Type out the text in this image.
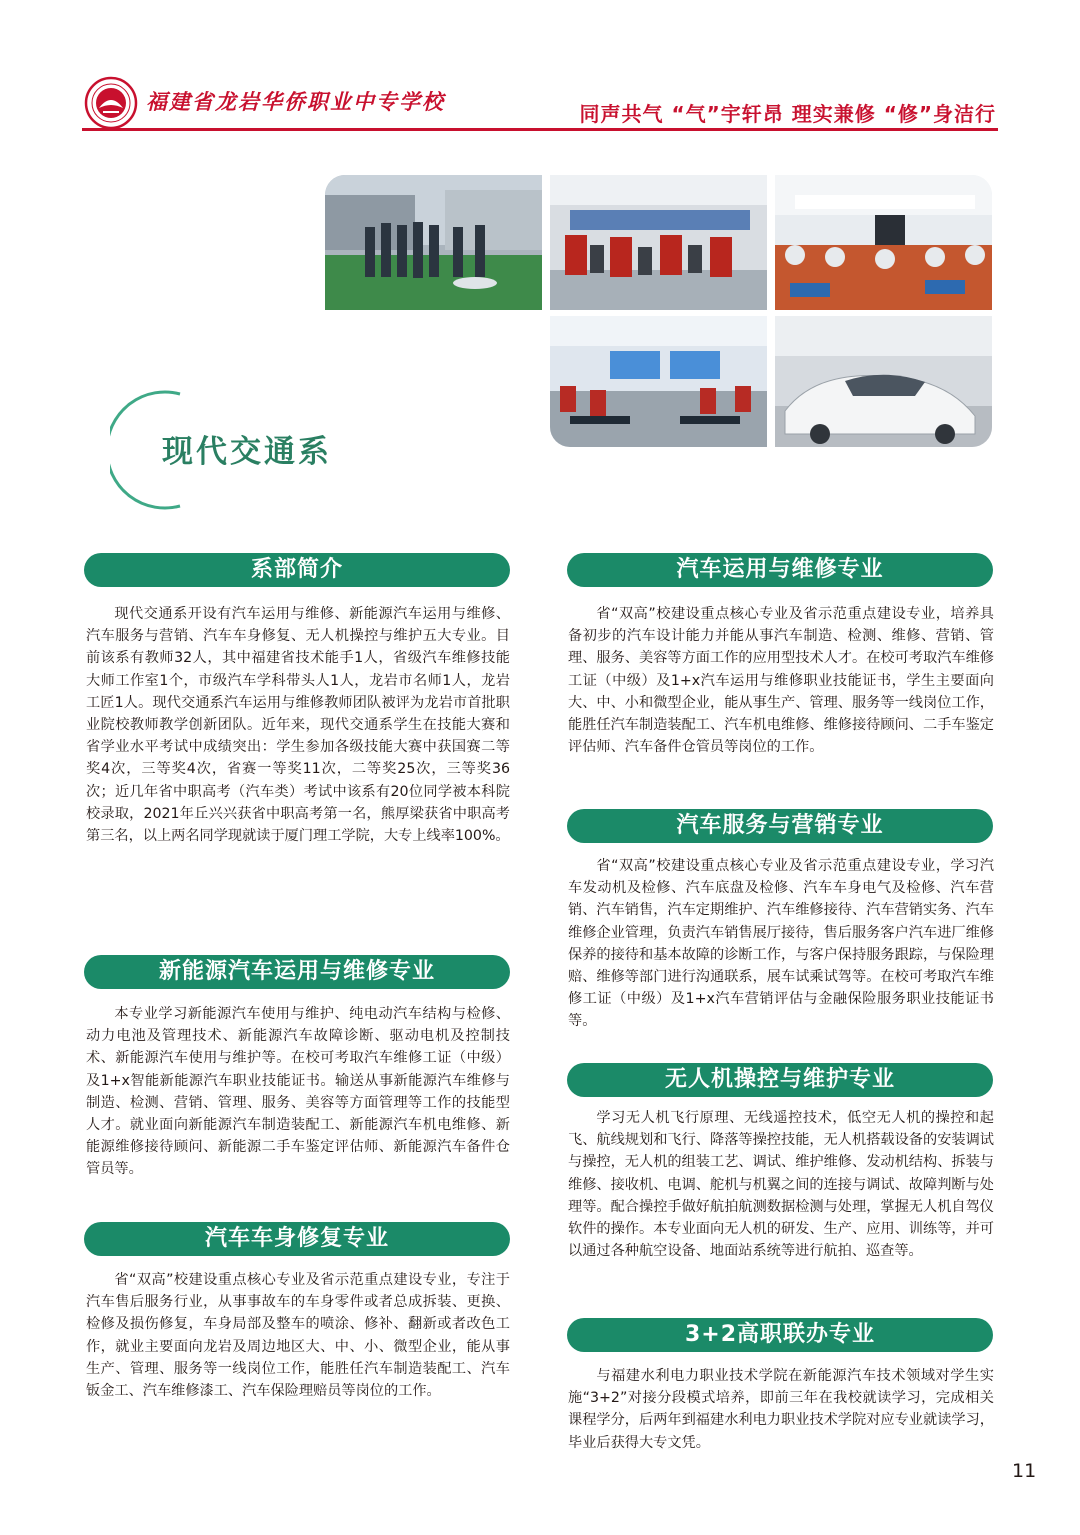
福建省龙岩华侨职业中专学校	同声共气 “气”宇轩昂 理实兼修 “修”身洁行
现代交通系
系部简介

现代交通系开设有汽车运用与维修、新能源汽车运用与维修、汽车服务与营销、汽车车身修复、无人机操控与维护五大专业。目前该系有教师32人，其中福建省技术能手1人，省级汽车维修技能大师工作室1个，市级汽车学科带头人1人，龙岩市名师1人，龙岩工匠1人。现代交通系汽车运用与维修教师团队被评为龙岩市首批职业院校教师教学创新团队。近年来，现代交通系学生在技能大赛和省学业水平考试中成绩突出：学生参加各级技能大赛中获国赛二等奖4次，三等奖4次，省赛一等奖11次，二等奖25次，三等奖36次；近几年省中职高考（汽车类）考试中该系有20位同学被本科院校录取，2021年丘兴兴获省中职高考第一名，熊厚梁获省中职高考第三名，以上两名同学现就读于厦门理工学院，大专上线率100%。

新能源汽车运用与维修专业

本专业学习新能源汽车使用与维护、纯电动汽车结构与检修、动力电池及管理技术、新能源汽车故障诊断、驱动电机及控制技术、新能源汽车使用与维护等。在校可考取汽车维修工证（中级）及1+x智能新能源汽车职业技能证书。输送从事新能源汽车维修与制造、检测、营销、管理、服务、美容等方面管理等工作的技能型人才。就业面向新能源汽车制造装配工、新能源汽车机电维修、新能源维修接待顾问、新能源二手车鉴定评估师、新能源汽车备件仓管员等。

汽车车身修复专业

省“双高”校建设重点核心专业及省示范重点建设专业，专注于汽车售后服务行业，从事事故车的车身零件或者总成拆装、更换、检修及损伤修复，车身局部及整车的喷涂、修补、翻新或者改色工作，就业主要面向龙岩及周边地区大、中、小、微型企业，能从事生产、管理、服务等一线岗位工作，能胜任汽车制造装配工、汽车钣金工、汽车维修漆工、汽车保险理赔员等岗位的工作。

汽车运用与维修专业

省“双高”校建设重点核心专业及省示范重点建设专业，培养具备初步的汽车设计能力并能从事汽车制造、检测、维修、营销、管理、服务、美容等方面工作的应用型技术人才。在校可考取汽车维修工证（中级）及1+x汽车运用与维修职业技能证书，学生主要面向大、中、小和微型企业，能从事生产、管理、服务等一线岗位工作，能胜任汽车制造装配工、汽车机电维修、维修接待顾问、二手车鉴定评估师、汽车备件仓管员等岗位的工作。

汽车服务与营销专业

省“双高”校建设重点核心专业及省示范重点建设专业，学习汽车发动机及检修、汽车底盘及检修、汽车车身电气及检修、汽车营销、汽车销售，汽车定期维护、汽车维修接待、汽车营销实务、汽车维修企业管理，负责汽车销售展厅接待，售后服务客户汽车进厂维修保养的接待和基本故障的诊断工作，与客户保持服务跟踪，与保险理赔、维修等部门进行沟通联系，展车试乘试驾等。在校可考取汽车维修工证（中级）及1+x汽车营销评估与金融保险服务职业技能证书等。

无人机操控与维护专业

学习无人机飞行原理、无线遥控技术，低空无人机的操控和起飞、航线规划和飞行、降落等操控技能，无人机搭载设备的安装调试与操控，无人机的组装工艺、调试、维护维修、发动机结构、拆装与维修、接收机、电调、舵机与机翼之间的连接与调试、故障判断与处理等。配合操控手做好航拍航测数据检测与处理，掌握无人机自驾仪软件的操作。本专业面向无人机的研发、生产、应用、训练等，并可以通过各种航空设备、地面站系统等进行航拍、巡查等。

3+2高职联办专业

与福建水利电力职业技术学院在新能源汽车技术领域对学生实施“3+2”对接分段模式培养，即前三年在我校就读学习，完成相关课程学分，后两年到福建水利电力职业技术学院对应专业就读学习，毕业后获得大专文凭。

11
